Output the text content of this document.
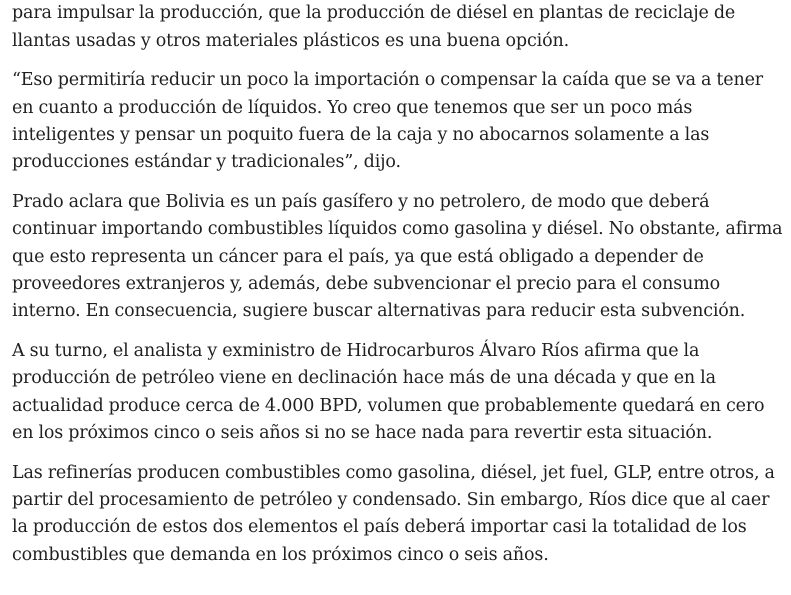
para impulsar la producción, que la producción de diésel en plantas de reciclaje de llantas usadas y otros materiales plásticos es una buena opción.

“Eso permitiría reducir un poco la importación o compensar la caída que se va a tener en cuanto a producción de líquidos. Yo creo que tenemos que ser un poco más inteligentes y pensar un poquito fuera de la caja y no abocarnos solamente a las producciones estándar y tradicionales”, dijo.

Prado aclara que Bolivia es un país gasífero y no petrolero, de modo que deberá continuar importando combustibles líquidos como gasolina y diésel. No obstante, afirma que esto representa un cáncer para el país, ya que está obligado a depender de proveedores extranjeros y, además, debe subvencionar el precio para el consumo interno. En consecuencia, sugiere buscar alternativas para reducir esta subvención.

A su turno, el analista y exministro de Hidrocarburos Álvaro Ríos afirma que la producción de petróleo viene en declinación hace más de una década y que en la actualidad produce cerca de 4.000 BPD, volumen que probablemente quedará en cero en los próximos cinco o seis años si no se hace nada para revertir esta situación.

Las refinerías producen combustibles como gasolina, diésel, jet fuel, GLP, entre otros, a partir del procesamiento de petróleo y condensado. Sin embargo, Ríos dice que al caer la producción de estos dos elementos el país deberá importar casi la totalidad de los combustibles que demanda en los próximos cinco o seis años.
